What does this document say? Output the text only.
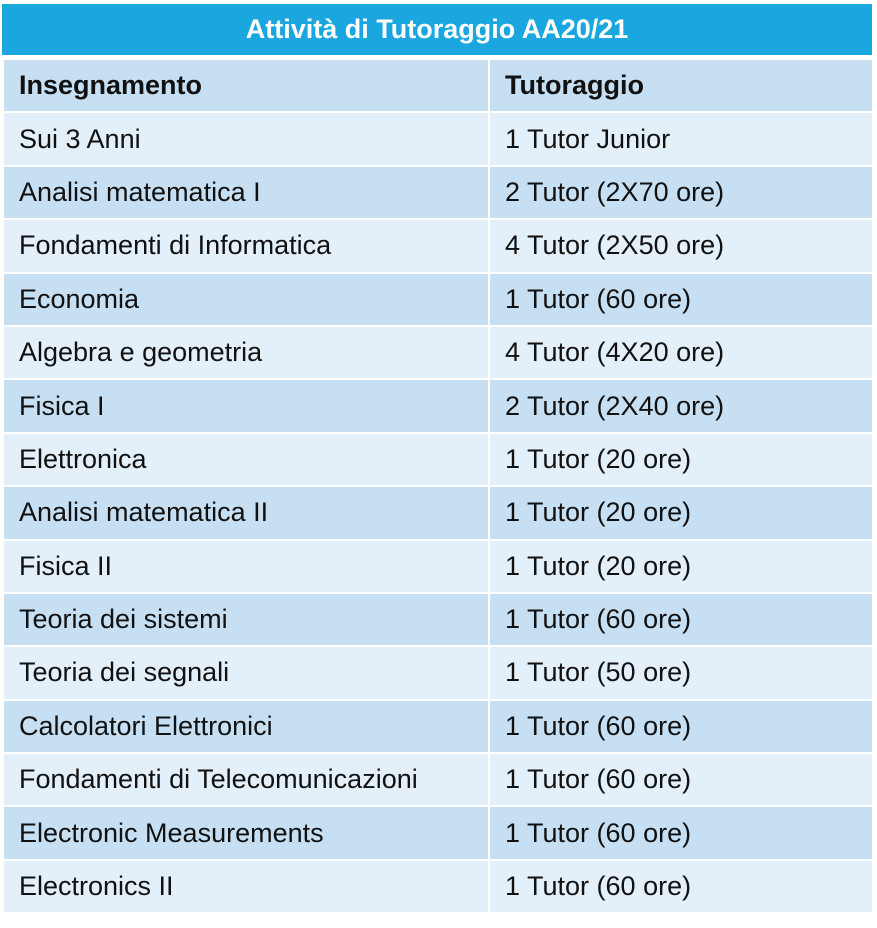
Attività di Tutoraggio AA20/21
Insegnamento	Tutoraggio
Sui 3 Anni	1 Tutor Junior
Analisi matematica I	2 Tutor (2X70 ore)
Fondamenti di Informatica	4 Tutor (2X50 ore)
Economia	1 Tutor (60 ore)
Algebra e geometria	4 Tutor (4X20 ore)
Fisica I	2 Tutor (2X40 ore)
Elettronica	1 Tutor (20 ore)
Analisi matematica II	1 Tutor (20 ore)
Fisica II	1 Tutor (20 ore)
Teoria dei sistemi	1 Tutor (60 ore)
Teoria dei segnali	1 Tutor (50 ore)
Calcolatori Elettronici	1 Tutor (60 ore)
Fondamenti di Telecomunicazioni	1 Tutor (60 ore)
Electronic Measurements	1 Tutor (60 ore)
Electronics II	1 Tutor (60 ore)
